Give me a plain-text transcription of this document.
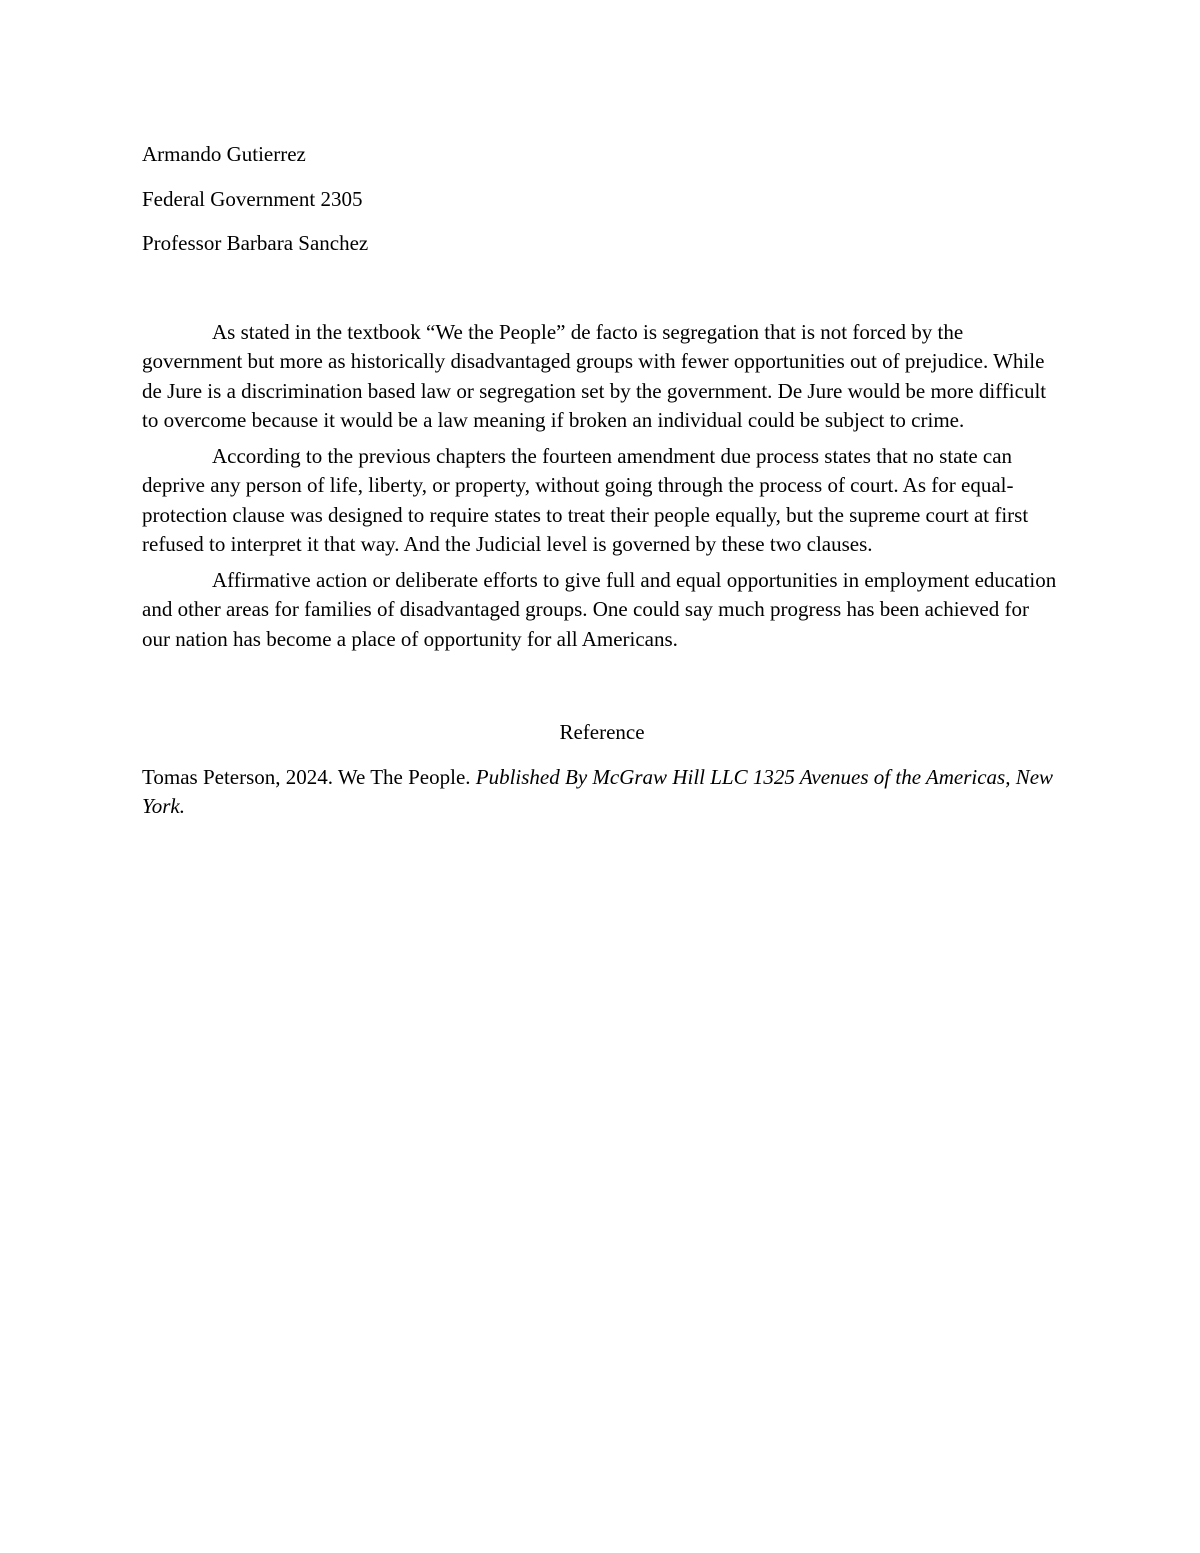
Armando Gutierrez

Federal Government 2305

Professor Barbara Sanchez

As stated in the textbook “We the People” de facto is segregation that is not forced by the government but more as historically disadvantaged groups with fewer opportunities out of prejudice. While de Jure is a discrimination based law or segregation set by the government. De Jure would be more difficult to overcome because it would be a law meaning if broken an individual could be subject to crime.

According to the previous chapters the fourteen amendment due process states that no state can deprive any person of life, liberty, or property, without going through the process of court. As for equal-protection clause was designed to require states to treat their people equally, but the supreme court at first refused to interpret it that way. And the Judicial level is governed by these two clauses.

Affirmative action or deliberate efforts to give full and equal opportunities in employment education and other areas for families of disadvantaged groups. One could say much progress has been achieved for our nation has become a place of opportunity for all Americans.

Reference

Tomas Peterson, 2024. We The People. Published By McGraw Hill LLC 1325 Avenues of the Americas, New York.
